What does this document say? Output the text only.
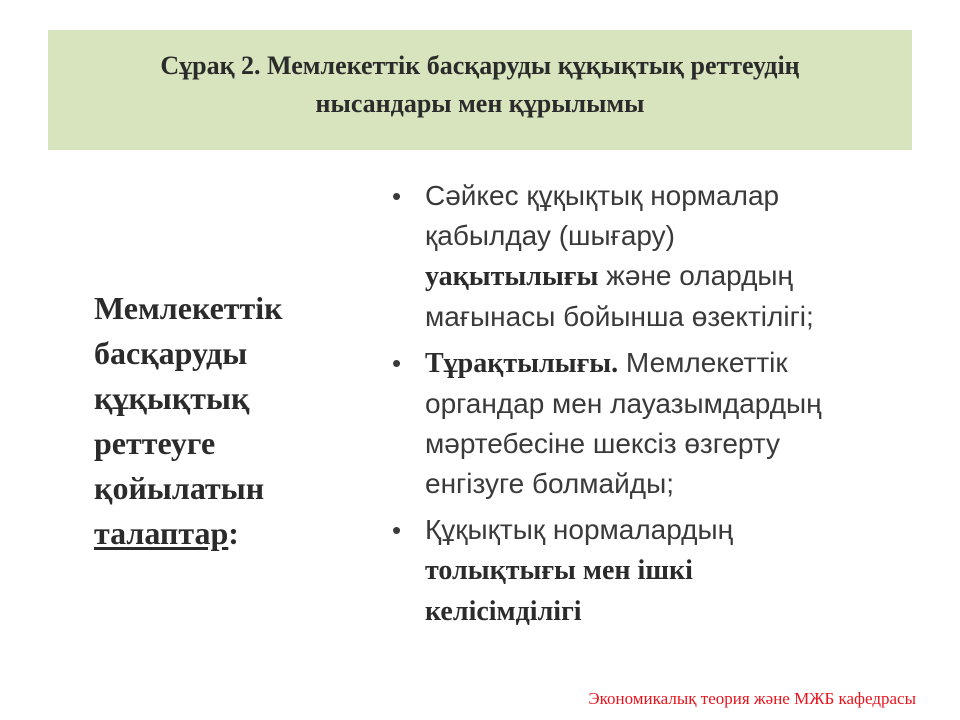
Сұрақ 2. Мемлекеттік басқаруды құқықтық реттеудің
нысандары мен құрылымы
Мемлекеттік
басқаруды
құқықтық
реттеуге
қойылатын
талаптар:
• Сәйкес құқықтық нормалар
қабылдау (шығару)
уақытылығы және олардың
мағынасы бойынша өзектілігі;
• Тұрақтылығы. Мемлекеттік
органдар мен лауазымдардың
мәртебесіне шексіз өзгерту
енгізуге болмайды;
• Құқықтық нормалардың
толықтығы мен ішкі
келісімділігі
Экономикалық теория және МЖБ кафедрасы
